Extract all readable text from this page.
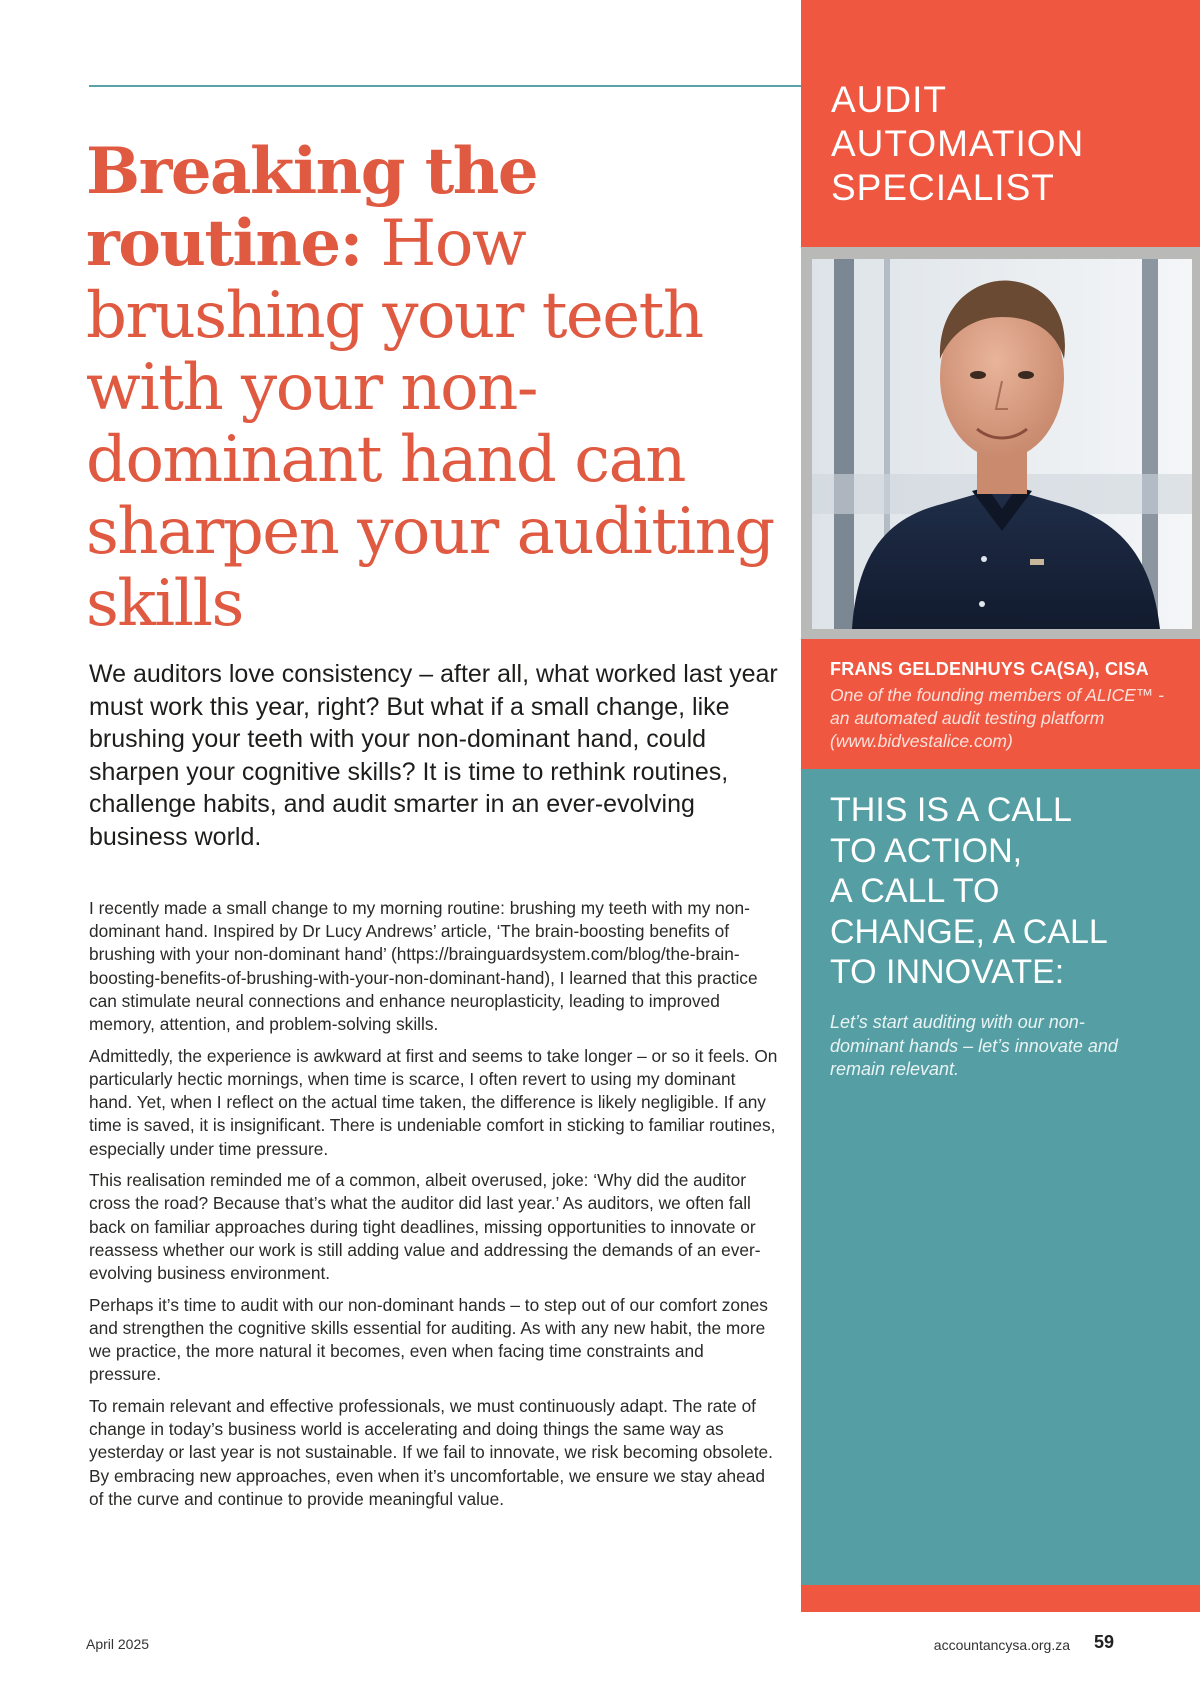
Breaking the routine: How brushing your teeth with your non-dominant hand can sharpen your auditing skills

We auditors love consistency – after all, what worked last year must work this year, right? But what if a small change, like brushing your teeth with your non-dominant hand, could sharpen your cognitive skills? It is time to rethink routines, challenge habits, and audit smarter in an ever-evolving business world.

I recently made a small change to my morning routine: brushing my teeth with my non-dominant hand. Inspired by Dr Lucy Andrews’ article, ‘The brain-boosting benefits of brushing with your non-dominant hand’ (https://brainguardsystem.com/blog/the-brain-boosting-benefits-of-brushing-with-your-non-dominant-hand), I learned that this practice can stimulate neural connections and enhance neuroplasticity, leading to improved memory, attention, and problem-solving skills.

Admittedly, the experience is awkward at first and seems to take longer – or so it feels. On particularly hectic mornings, when time is scarce, I often revert to using my dominant hand. Yet, when I reflect on the actual time taken, the difference is likely negligible. If any time is saved, it is insignificant. There is undeniable comfort in sticking to familiar routines, especially under time pressure.

This realisation reminded me of a common, albeit overused, joke: ‘Why did the auditor cross the road? Because that’s what the auditor did last year.’ As auditors, we often fall back on familiar approaches during tight deadlines, missing opportunities to innovate or reassess whether our work is still adding value and addressing the demands of an ever-evolving business environment.

Perhaps it’s time to audit with our non-dominant hands – to step out of our comfort zones and strengthen the cognitive skills essential for auditing. As with any new habit, the more we practice, the more natural it becomes, even when facing time constraints and pressure.

To remain relevant and effective professionals, we must continuously adapt. The rate of change in today’s business world is accelerating and doing things the same way as yesterday or last year is not sustainable. If we fail to innovate, we risk becoming obsolete. By embracing new approaches, even when it’s uncomfortable, we ensure we stay ahead of the curve and continue to provide meaningful value.

AUDIT
AUTOMATION
SPECIALIST
FRANS GELDENHUYS CA(SA), CISA
One of the founding members of ALICE™ - an automated audit testing platform (www.bidvestalice.com)
THIS IS A CALL
TO ACTION,
A CALL TO
CHANGE, A CALL
TO INNOVATE:
Let’s start auditing with our non-dominant hands – let’s innovate and remain relevant.
April 2025	accountancysa.org.za 59
